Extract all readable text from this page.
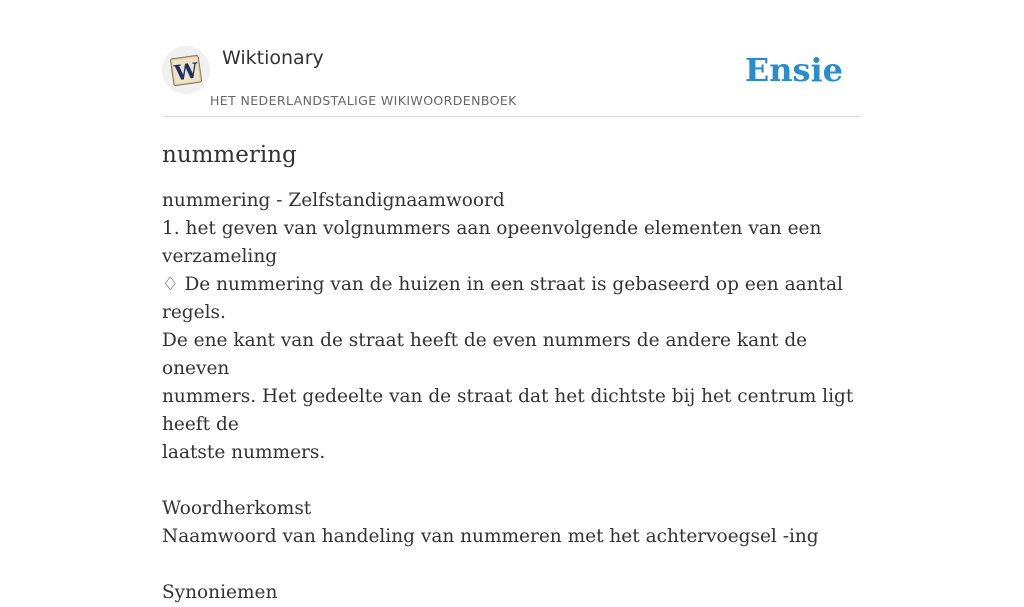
W Wiktionary
HET NEDERLANDSTALIGE WIKIWOORDENBOEK
Ensie
nummering

nummering - Zelfstandignaamwoord

1. het geven van volgnummers aan opeenvolgende elementen van een

verzameling

♢ De nummering van de huizen in een straat is gebaseerd op een aantal regels.

De ene kant van de straat heeft de even nummers de andere kant de oneven

nummers. Het gedeelte van de straat dat het dichtste bij het centrum ligt heeft de

laatste nummers.

Woordherkomst

Naamwoord van handeling van nummeren met het achtervoegsel -ing

Synoniemen
